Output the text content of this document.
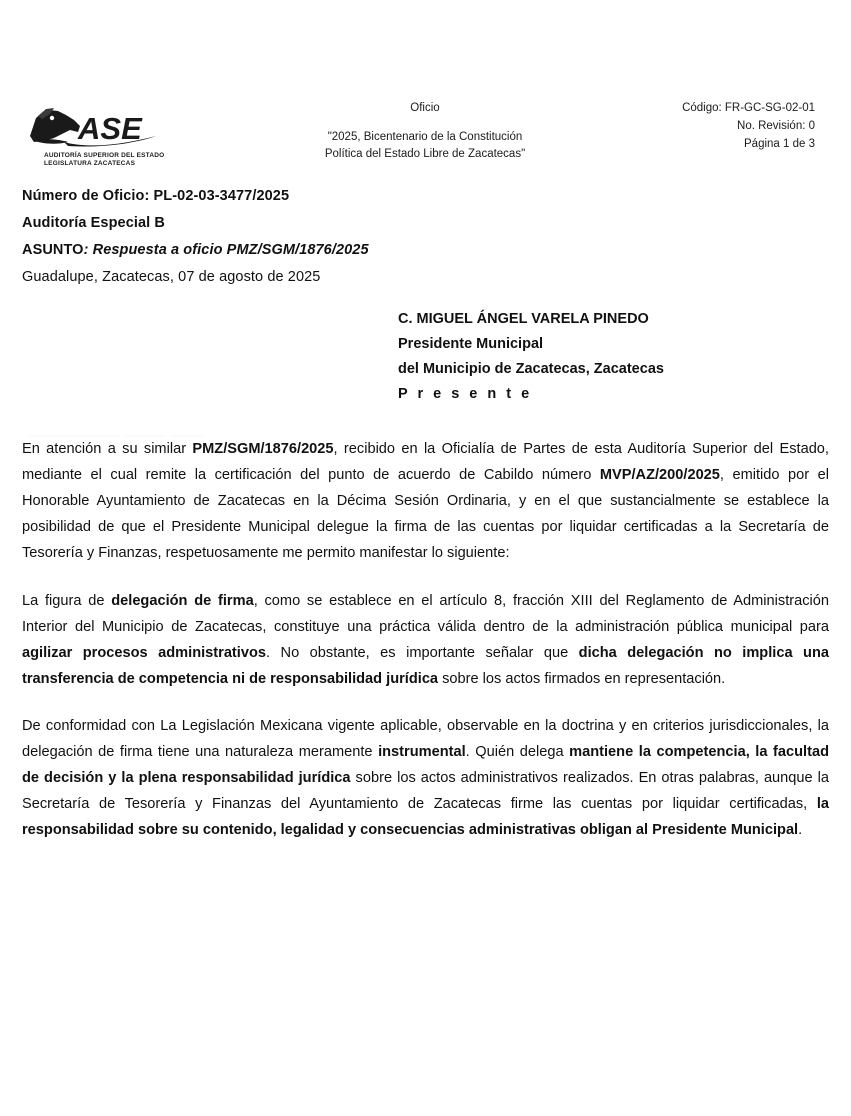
ASE
AUDITORÍA SUPERIOR DEL ESTADO
LEGISLATURA ZACATECAS
Oficio
"2025, Bicentenario de la Constitución
Política del Estado Libre de Zacatecas"
Código: FR-GC-SG-02-01
No. Revisión: 0
Página 1 de 3
Número de Oficio: PL-02-03-3477/2025
Auditoría Especial B
ASUNTO: Respuesta a oficio PMZ/SGM/1876/2025
Guadalupe, Zacatecas, 07 de agosto de 2025
C. MIGUEL ÁNGEL VARELA PINEDO
Presidente Municipal
del Municipio de Zacatecas, Zacatecas
P r e s e n t e

En atención a su similar PMZ/SGM/1876/2025, recibido en la Oficialía de Partes de esta Auditoría Superior del Estado, mediante el cual remite la certificación del punto de acuerdo de Cabildo número MVP/AZ/200/2025, emitido por el Honorable Ayuntamiento de Zacatecas en la Décima Sesión Ordinaria, y en el que sustancialmente se establece la posibilidad de que el Presidente Municipal delegue la firma de las cuentas por liquidar certificadas a la Secretaría de Tesorería y Finanzas, respetuosamente me permito manifestar lo siguiente:

La figura de delegación de firma, como se establece en el artículo 8, fracción XIII del Reglamento de Administración Interior del Municipio de Zacatecas, constituye una práctica válida dentro de la administración pública municipal para agilizar procesos administrativos. No obstante, es importante señalar que dicha delegación no implica una transferencia de competencia ni de responsabilidad jurídica sobre los actos firmados en representación.

De conformidad con La Legislación Mexicana vigente aplicable, observable en la doctrina y en criterios jurisdiccionales, la delegación de firma tiene una naturaleza meramente instrumental. Quién delega mantiene la competencia, la facultad de decisión y la plena responsabilidad jurídica sobre los actos administrativos realizados. En otras palabras, aunque la Secretaría de Tesorería y Finanzas del Ayuntamiento de Zacatecas firme las cuentas por liquidar certificadas, la responsabilidad sobre su contenido, legalidad y consecuencias administrativas obligan al Presidente Municipal.
